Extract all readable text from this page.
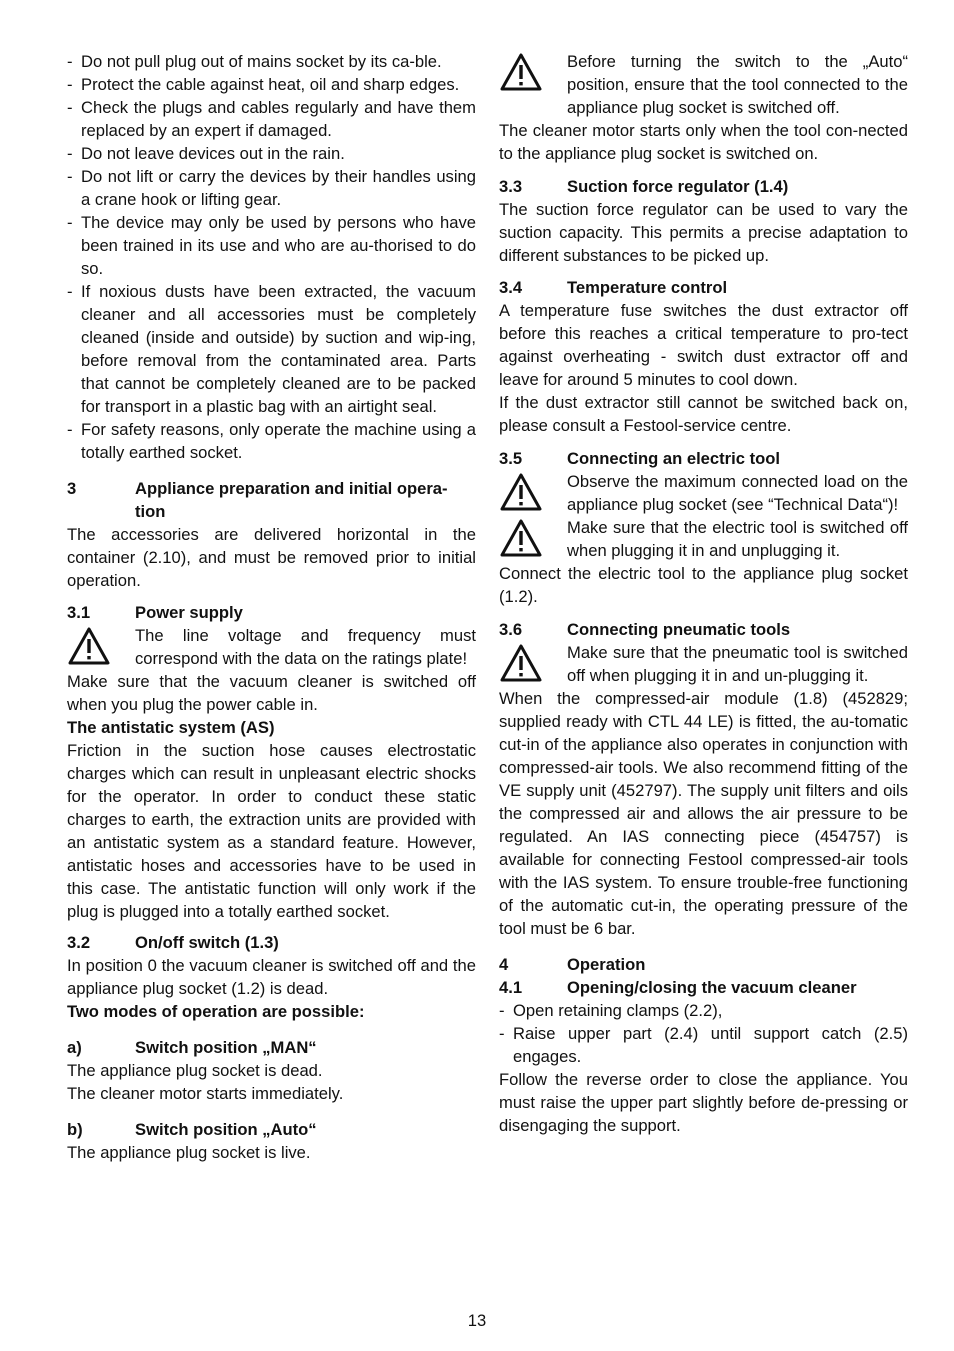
- Do not pull plug out of mains socket by its ca-ble.
- Protect the cable against heat, oil and sharp edges.
- Check the plugs and cables regularly and have them replaced by an expert if damaged.
- Do not leave devices out in the rain.
- Do not lift or carry the devices by their handles using a crane hook or lifting gear.
- The device may only be used by persons who have been trained in its use and who are au-thorised to do so.
- If noxious dusts have been extracted, the vacuum cleaner and all accessories must be completely cleaned (inside and outside) by suction and wip-ing, before removal from the contaminated area. Parts that cannot be completely cleaned are to be packed for transport in a plastic bag with an airtight seal.
- For safety reasons, only operate the machine using a totally earthed socket.
3	Appliance preparation and initial opera-tion

The accessories are delivered horizontal in the container (2.10), and must be removed prior to initial operation.

3.1	Power supply
The line voltage and frequency must correspond with the data on the ratings plate!

Make sure that the vacuum cleaner is switched off when you plug the power cable in.

The antistatic system (AS)

Friction in the suction hose causes electrostatic charges which can result in unpleasant electric shocks for the operator. In order to conduct these static charges to earth, the extraction units are provided with an antistatic system as a standard feature. However, antistatic hoses and accessories have to be used in this case. The antistatic function will only work if the plug is plugged into a totally earthed socket.

3.2	On/off switch (1.3)

In position 0 the vacuum cleaner is switched off and the appliance plug socket (1.2) is dead.

Two modes of operation are possible:
a)	Switch position „MAN“
The appliance plug socket is dead.
The cleaner motor starts immediately.
b)	Switch position „Auto“
The appliance plug socket is live.
Before turning the switch to the „Auto“ position, ensure that the tool connected to the appliance plug socket is switched off.

The cleaner motor starts only when the tool con-nected to the appliance plug socket is switched on.

3.3	Suction force regulator (1.4)

The suction force regulator can be used to vary the suction capacity. This permits a precise adaptation to different substances to be picked up.

3.4	Temperature control

A temperature fuse switches the dust extractor off before this reaches a critical temperature to pro-tect against overheating - switch dust extractor off and leave for around 5 minutes to cool down.

If the dust extractor still cannot be switched back on, please consult a Festool-service centre.

3.5	Connecting an electric tool
Observe the maximum connected load on the appliance plug socket (see “Technical Data“)!
Make sure that the electric tool is switched off when plugging it in and unplugging it.

Connect the electric tool to the appliance plug socket (1.2).

3.6	Connecting pneumatic tools
Make sure that the pneumatic tool is switched off when plugging it in and un-plugging it.

When the compressed-air module (1.8) (452829; supplied ready with CTL 44 LE) is fitted, the au-tomatic cut-in of the appliance also operates in conjunction with compressed-air tools. We also recommend fitting of the VE supply unit (452797). The supply unit filters and oils the compressed air and allows the air pressure to be regulated. An IAS connecting piece (454757) is available for connecting Festool compressed-air tools with the IAS system. To ensure trouble-free functioning of the automatic cut-in, the operating pressure of the tool must be 6 bar.

4	Operation
4.1	Opening/closing the vacuum cleaner
- Open retaining clamps (2.2),
- Raise upper part (2.4) until support catch (2.5) engages.

Follow the reverse order to close the appliance. You must raise the upper part slightly before de-pressing or disengaging the support.

13
